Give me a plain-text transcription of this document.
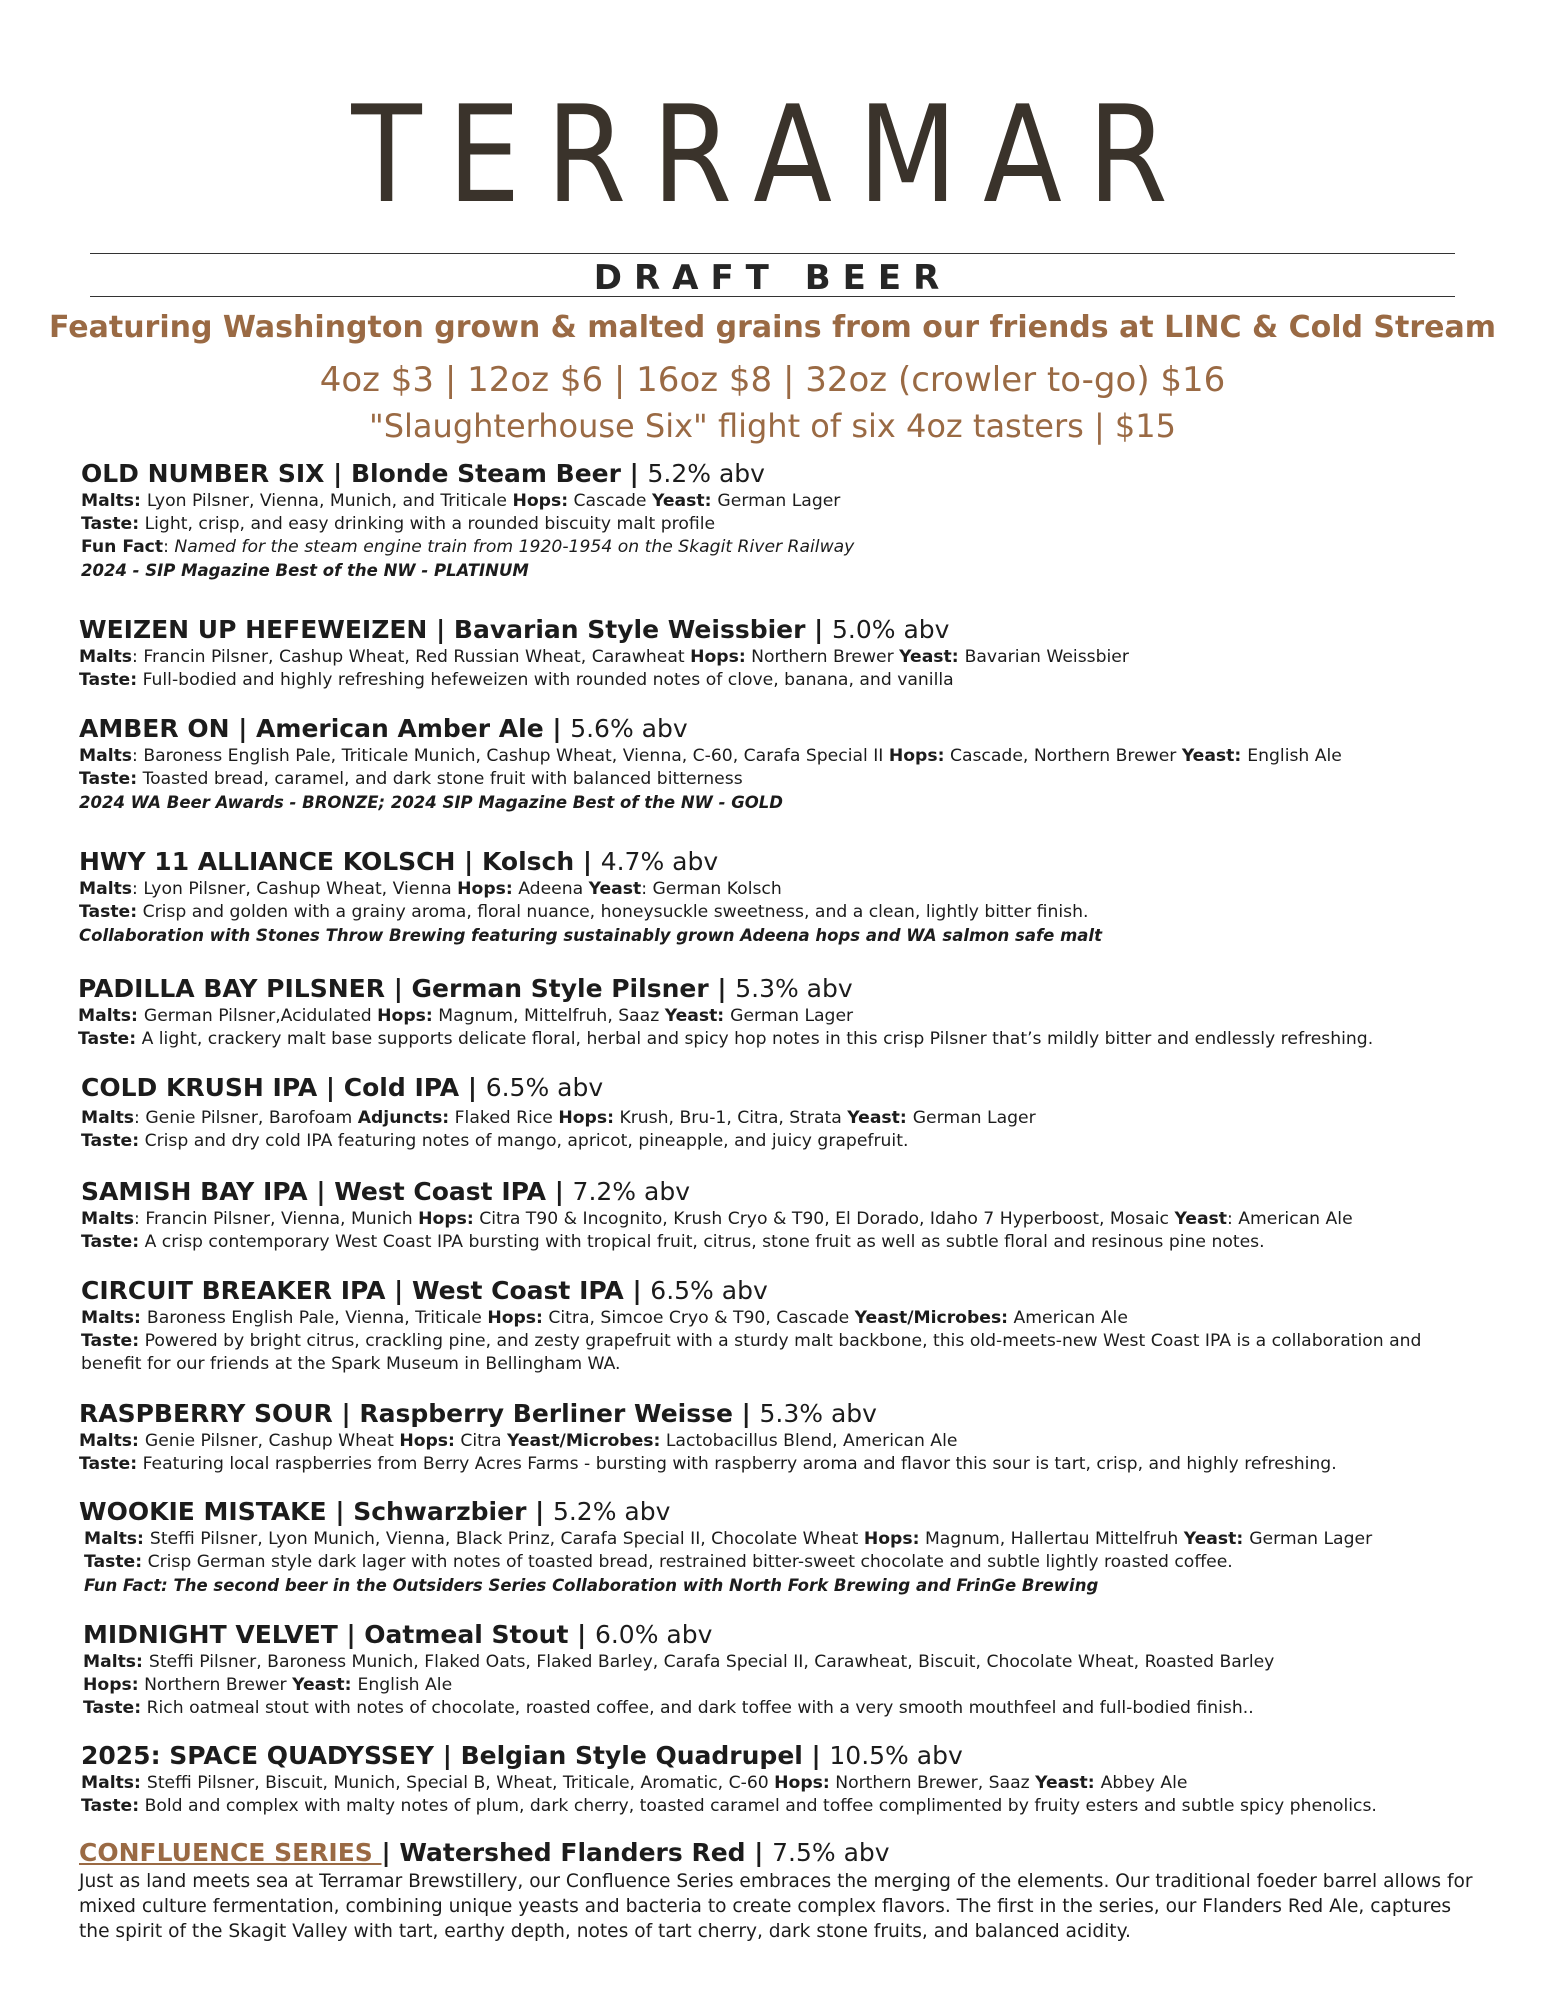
TERRAMAR
DRAFT BEER
Featuring Washington grown & malted grains from our friends at LINC & Cold Stream
4oz $3 | 12oz $6 | 16oz $8 | 32oz (crowler to-go) $16
"Slaughterhouse Six" flight of six 4oz tasters | $15
OLD NUMBER SIX | Blonde Steam Beer | 5.2% abv
Malts: Lyon Pilsner, Vienna, Munich, and Triticale Hops: Cascade Yeast: German Lager
Taste: Light, crisp, and easy drinking with a rounded biscuity malt profile
Fun Fact: Named for the steam engine train from 1920-1954 on the Skagit River Railway
2024 - SIP Magazine Best of the NW - PLATINUM
WEIZEN UP HEFEWEIZEN | Bavarian Style Weissbier | 5.0% abv
Malts: Francin Pilsner, Cashup Wheat, Red Russian Wheat, Carawheat Hops: Northern Brewer Yeast: Bavarian Weissbier
Taste: Full-bodied and highly refreshing hefeweizen with rounded notes of clove, banana, and vanilla
AMBER ON | American Amber Ale | 5.6% abv
Malts: Baroness English Pale, Triticale Munich, Cashup Wheat, Vienna, C-60, Carafa Special II Hops: Cascade, Northern Brewer Yeast: English Ale
Taste: Toasted bread, caramel, and dark stone fruit with balanced bitterness
2024 WA Beer Awards - BRONZE; 2024 SIP Magazine Best of the NW - GOLD
HWY 11 ALLIANCE KOLSCH | Kolsch | 4.7% abv
Malts: Lyon Pilsner, Cashup Wheat, Vienna Hops: Adeena Yeast: German Kolsch
Taste: Crisp and golden with a grainy aroma, floral nuance, honeysuckle sweetness, and a clean, lightly bitter finish.
Collaboration with Stones Throw Brewing featuring sustainably grown Adeena hops and WA salmon safe malt
PADILLA BAY PILSNER | German Style Pilsner | 5.3% abv
Malts: German Pilsner,Acidulated Hops: Magnum, Mittelfruh, Saaz Yeast: German Lager
Taste: A light, crackery malt base supports delicate floral, herbal and spicy hop notes in this crisp Pilsner that’s mildly bitter and endlessly refreshing.
COLD KRUSH IPA | Cold IPA | 6.5% abv
Malts: Genie Pilsner, Barofoam Adjuncts: Flaked Rice Hops: Krush, Bru-1, Citra, Strata Yeast: German Lager
Taste: Crisp and dry cold IPA featuring notes of mango, apricot, pineapple, and juicy grapefruit.
SAMISH BAY IPA | West Coast IPA | 7.2% abv
Malts: Francin Pilsner, Vienna, Munich Hops: Citra T90 & Incognito, Krush Cryo & T90, El Dorado, Idaho 7 Hyperboost, Mosaic Yeast: American Ale
Taste: A crisp contemporary West Coast IPA bursting with tropical fruit, citrus, stone fruit as well as subtle floral and resinous pine notes.
CIRCUIT BREAKER IPA | West Coast IPA | 6.5% abv
Malts: Baroness English Pale, Vienna, Triticale Hops: Citra, Simcoe Cryo & T90, Cascade Yeast/Microbes: American Ale
Taste: Powered by bright citrus, crackling pine, and zesty grapefruit with a sturdy malt backbone, this old-meets-new West Coast IPA is a collaboration and
benefit for our friends at the Spark Museum in Bellingham WA.
RASPBERRY SOUR | Raspberry Berliner Weisse | 5.3% abv
Malts: Genie Pilsner, Cashup Wheat Hops: Citra Yeast/Microbes: Lactobacillus Blend, American Ale
Taste: Featuring local raspberries from Berry Acres Farms - bursting with raspberry aroma and flavor this sour is tart, crisp, and highly refreshing.
WOOKIE MISTAKE | Schwarzbier | 5.2% abv
Malts: Steffi Pilsner, Lyon Munich, Vienna, Black Prinz, Carafa Special II, Chocolate Wheat Hops: Magnum, Hallertau Mittelfruh Yeast: German Lager
Taste: Crisp German style dark lager with notes of toasted bread, restrained bitter-sweet chocolate and subtle lightly roasted coffee.
Fun Fact: The second beer in the Outsiders Series Collaboration with North Fork Brewing and FrinGe Brewing
MIDNIGHT VELVET | Oatmeal Stout | 6.0% abv
Malts: Steffi Pilsner, Baroness Munich, Flaked Oats, Flaked Barley, Carafa Special II, Carawheat, Biscuit, Chocolate Wheat, Roasted Barley
Hops: Northern Brewer Yeast: English Ale
Taste: Rich oatmeal stout with notes of chocolate, roasted coffee, and dark toffee with a very smooth mouthfeel and full-bodied finish..
2025: SPACE QUADYSSEY | Belgian Style Quadrupel | 10.5% abv
Malts: Steffi Pilsner, Biscuit, Munich, Special B, Wheat, Triticale, Aromatic, C-60 Hops: Northern Brewer, Saaz Yeast: Abbey Ale
Taste: Bold and complex with malty notes of plum, dark cherry, toasted caramel and toffee complimented by fruity esters and subtle spicy phenolics.
CONFLUENCE SERIES | Watershed Flanders Red | 7.5% abv
Just as land meets sea at Terramar Brewstillery, our Confluence Series embraces the merging of the elements. Our traditional foeder barrel allows for mixed culture fermentation, combining unique yeasts and bacteria to create complex flavors. The first in the series, our Flanders Red Ale, captures the spirit of the Skagit Valley with tart, earthy depth, notes of tart cherry, dark stone fruits, and balanced acidity.
